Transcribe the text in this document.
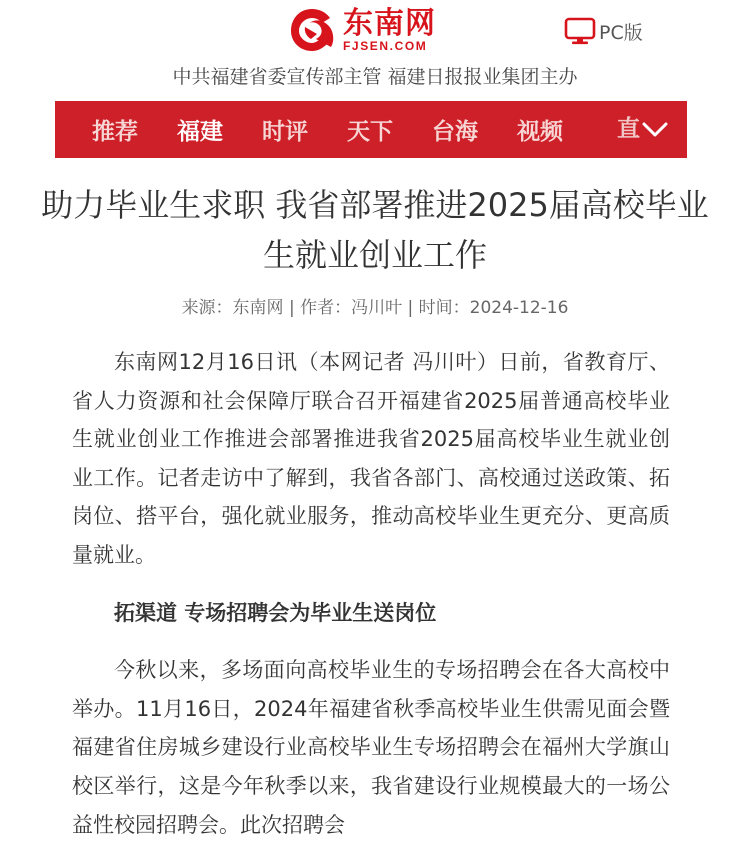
东南网
FJSEN.COM
PC版
中共福建省委宣传部主管 福建日报报业集团主办
推荐 福建 时评 天下 台海 视频 直
助力毕业生求职 我省部署推进2025届高校毕业生就业创业工作
来源：东南网 | 作者：冯川叶 | 时间：2024-12-16

东南网12月16日讯（本网记者 冯川叶）日前，省教育厅、省人力资源和社会保障厅联合召开福建省2025届普通高校毕业生就业创业工作推进会部署推进我省2025届高校毕业生就业创业工作。记者走访中了解到，我省各部门、高校通过送政策、拓岗位、搭平台，强化就业服务，推动高校毕业生更充分、更高质量就业。

拓渠道 专场招聘会为毕业生送岗位

今秋以来，多场面向高校毕业生的专场招聘会在各大高校中举办。11月16日，2024年福建省秋季高校毕业生供需见面会暨福建省住房城乡建设行业高校毕业生专场招聘会在福州大学旗山校区举行，这是今年秋季以来，我省建设行业规模最大的一场公益性校园招聘会。此次招聘会
